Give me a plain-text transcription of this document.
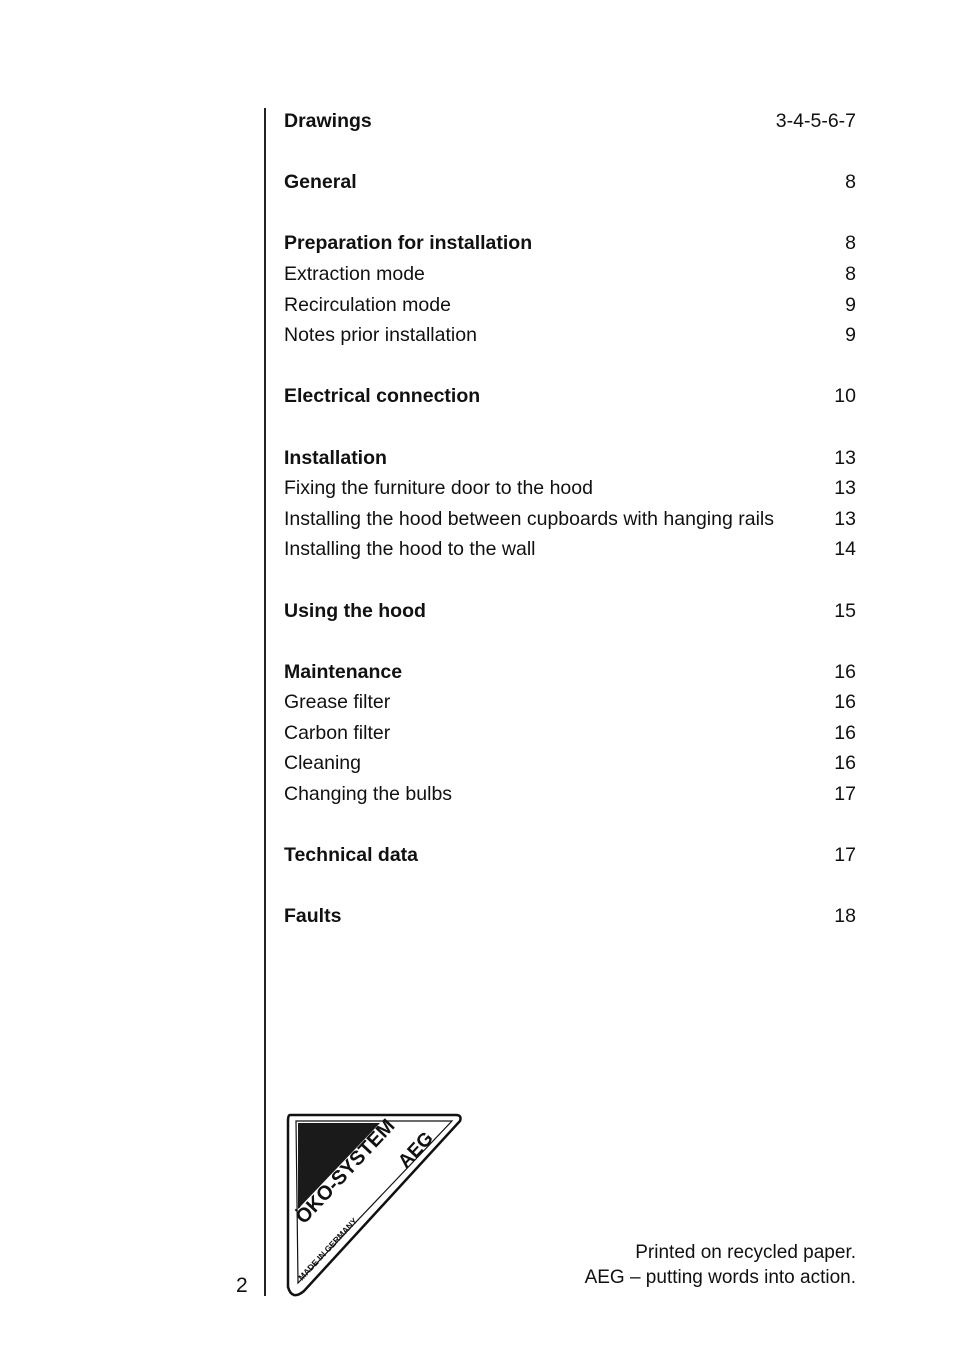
Drawings	3-4-5-6-7
General	8
Preparation for installation	8
Extraction mode	8
Recirculation mode	9
Notes prior installation	9
Electrical connection	10
Installation	13
Fixing the furniture door to the hood	13
Installing the hood between cupboards with hanging rails	13
Installing the hood to the wall	14
Using the hood	15
Maintenance	16
Grease filter	16
Carbon filter	16
Cleaning	16
Changing the bulbs	17
Technical data	17
Faults	18
ÖKO-SYSTEM
AEG
MADE IN GERMANY
2
Printed on recycled paper.
AEG – putting words into action.
